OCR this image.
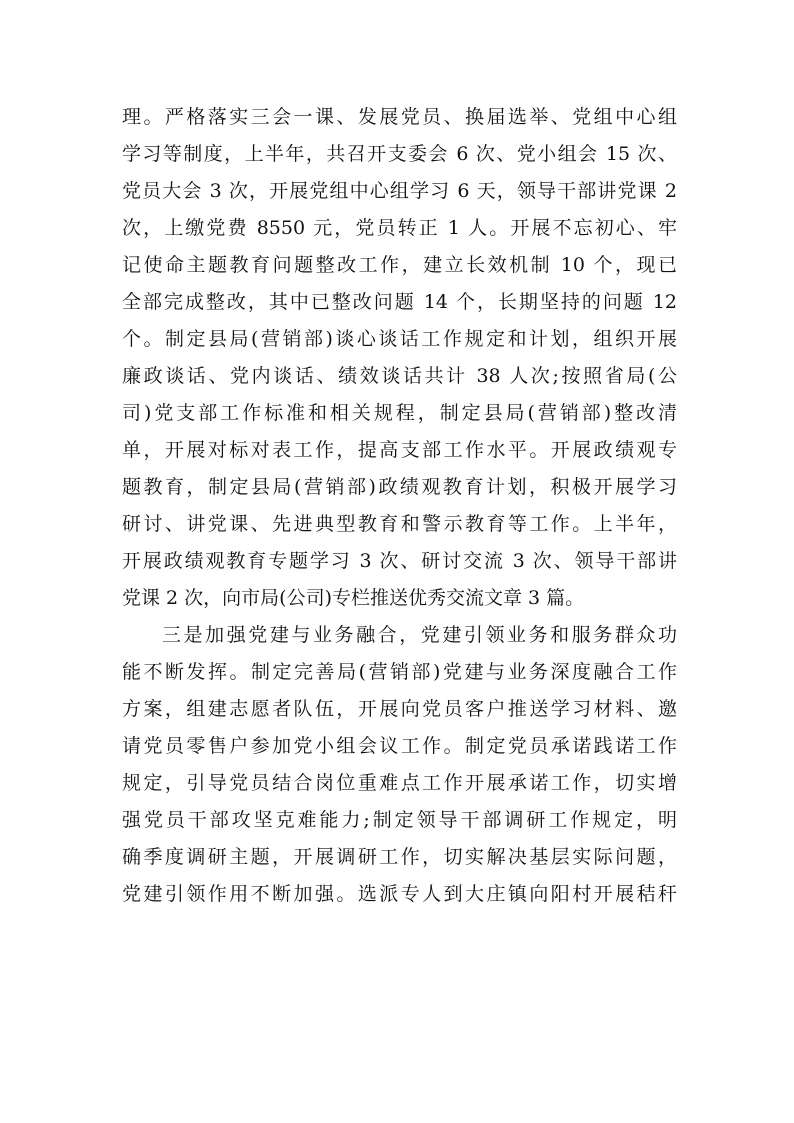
理。严格落实三会一课、发展党员、换届选举、党组中心组
学习等制度，上半年，共召开支委会 6 次、党小组会 15 次、
党员大会 3 次，开展党组中心组学习 6 天，领导干部讲党课 2
次，上缴党费 8550 元，党员转正 1 人。开展不忘初心、牢
记使命主题教育问题整改工作，建立长效机制 10 个，现已
全部完成整改，其中已整改问题 14 个，长期坚持的问题 12
个。制定县局(营销部)谈心谈话工作规定和计划，组织开展
廉政谈话、党内谈话、绩效谈话共计 38 人次;按照省局(公
司)党支部工作标准和相关规程，制定县局(营销部)整改清
单，开展对标对表工作，提高支部工作水平。开展政绩观专
题教育，制定县局(营销部)政绩观教育计划，积极开展学习
研讨、讲党课、先进典型教育和警示教育等工作。上半年，
开展政绩观教育专题学习 3 次、研讨交流 3 次、领导干部讲
党课 2 次，向市局(公司)专栏推送优秀交流文章 3 篇。
三是加强党建与业务融合，党建引领业务和服务群众功
能不断发挥。制定完善局(营销部)党建与业务深度融合工作
方案，组建志愿者队伍，开展向党员客户推送学习材料、邀
请党员零售户参加党小组会议工作。制定党员承诺践诺工作
规定，引导党员结合岗位重难点工作开展承诺工作，切实增
强党员干部攻坚克难能力;制定领导干部调研工作规定，明
确季度调研主题，开展调研工作，切实解决基层实际问题，
党建引领作用不断加强。选派专人到大庄镇向阳村开展秸秆
